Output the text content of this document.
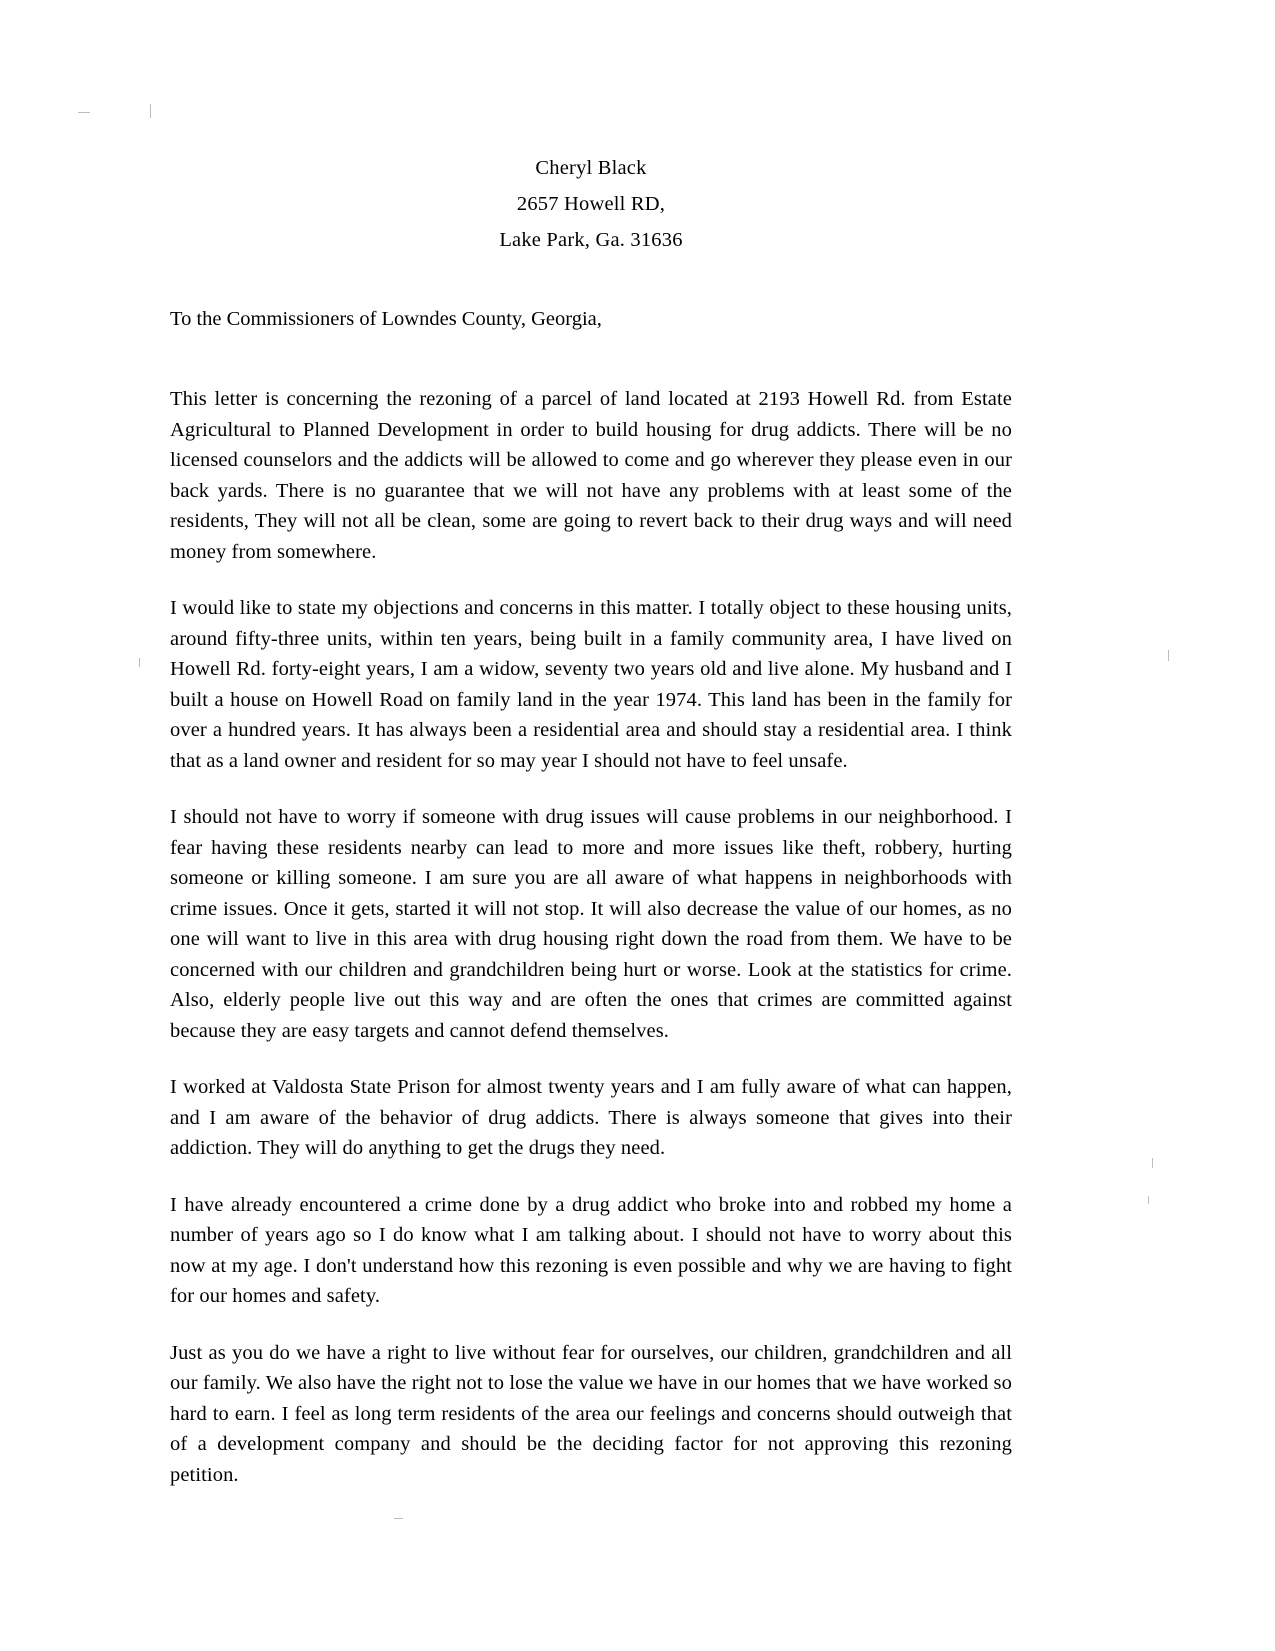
Cheryl Black
2657 Howell RD,
Lake Park, Ga. 31636
To the Commissioners of Lowndes County, Georgia,

This letter is concerning the rezoning of a parcel of land located at 2193 Howell Rd. from Estate Agricultural to Planned Development in order to build housing for drug addicts. There will be no licensed counselors and the addicts will be allowed to come and go wherever they please even in our back yards. There is no guarantee that we will not have any problems with at least some of the residents, They will not all be clean, some are going to revert back to their drug ways and will need money from somewhere.

I would like to state my objections and concerns in this matter. I totally object to these housing units, around fifty-three units, within ten years, being built in a family community area, I have lived on Howell Rd. forty-eight years, I am a widow, seventy two years old and live alone. My husband and I built a house on Howell Road on family land in the year 1974. This land has been in the family for over a hundred years. It has always been a residential area and should stay a residential area. I think that as a land owner and resident for so may year I should not have to feel unsafe.

I should not have to worry if someone with drug issues will cause problems in our neighborhood. I fear having these residents nearby can lead to more and more issues like theft, robbery, hurting someone or killing someone. I am sure you are all aware of what happens in neighborhoods with crime issues. Once it gets, started it will not stop. It will also decrease the value of our homes, as no one will want to live in this area with drug housing right down the road from them. We have to be concerned with our children and grandchildren being hurt or worse. Look at the statistics for crime. Also, elderly people live out this way and are often the ones that crimes are committed against because they are easy targets and cannot defend themselves.

I worked at Valdosta State Prison for almost twenty years and I am fully aware of what can happen, and I am aware of the behavior of drug addicts. There is always someone that gives into their addiction. They will do anything to get the drugs they need.

I have already encountered a crime done by a drug addict who broke into and robbed my home a number of years ago so I do know what I am talking about. I should not have to worry about this now at my age. I don't understand how this rezoning is even possible and why we are having to fight for our homes and safety.

Just as you do we have a right to live without fear for ourselves, our children, grandchildren and all our family. We also have the right not to lose the value we have in our homes that we have worked so hard to earn. I feel as long term residents of the area our feelings and concerns should outweigh that of a development company and should be the deciding factor for not approving this rezoning petition.
